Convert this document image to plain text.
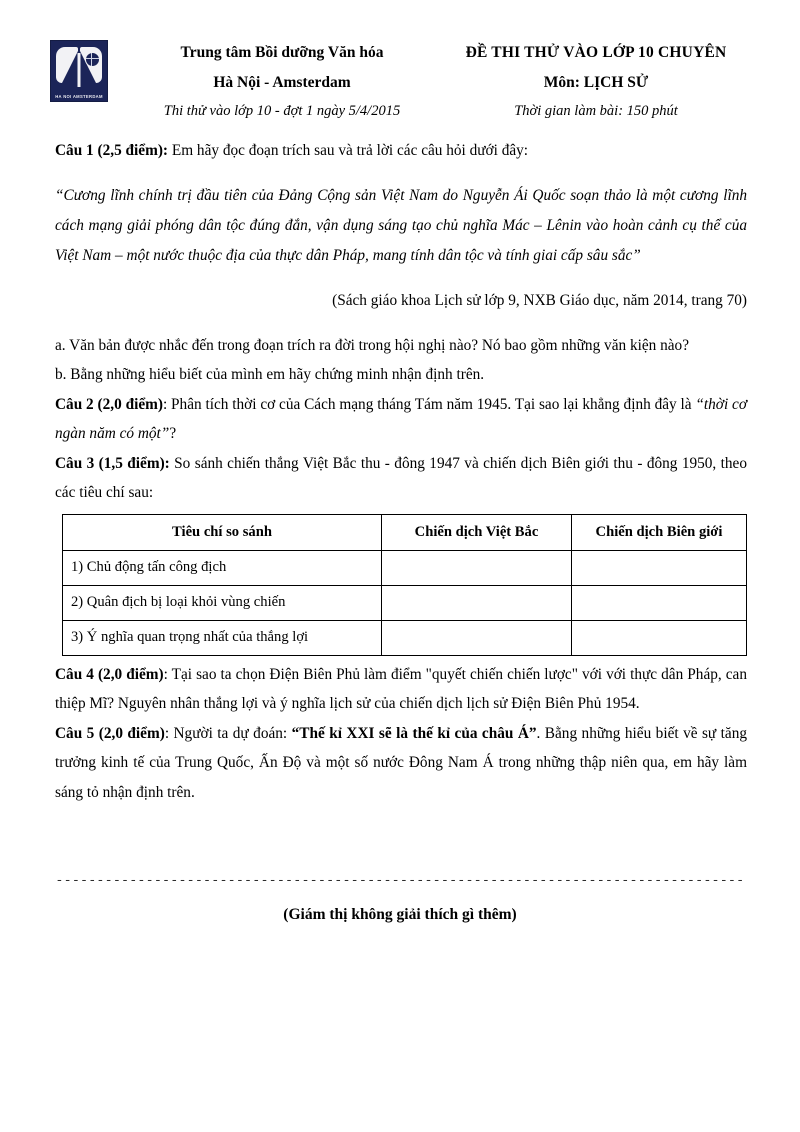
HA NOI AMSTERDAM
Trung tâm Bồi dưỡng Văn hóa
Hà Nội - Amsterdam
Thi thử vào lớp 10 - đợt 1 ngày 5/4/2015
ĐỀ THI THỬ VÀO LỚP 10 CHUYÊN
Môn: LỊCH SỬ
Thời gian làm bài: 150 phút

Câu 1 (2,5 điểm): Em hãy đọc đoạn trích sau và trả lời các câu hỏi dưới đây:

“Cương lĩnh chính trị đầu tiên của Đảng Cộng sản Việt Nam do Nguyễn Ái Quốc soạn thảo là một cương lĩnh cách mạng giải phóng dân tộc đúng đắn, vận dụng sáng tạo chủ nghĩa Mác – Lênin vào hoàn cảnh cụ thể của Việt Nam – một nước thuộc địa của thực dân Pháp, mang tính dân tộc và tính giai cấp sâu sắc”

(Sách giáo khoa Lịch sử lớp 9, NXB Giáo dục, năm 2014, trang 70)

a. Văn bản được nhắc đến trong đoạn trích ra đời trong hội nghị nào? Nó bao gồm những văn kiện nào?

b. Bằng những hiểu biết của mình em hãy chứng minh nhận định trên.

Câu 2 (2,0 điểm): Phân tích thời cơ của Cách mạng tháng Tám năm 1945. Tại sao lại khẳng định đây là “thời cơ ngàn năm có một”?

Câu 3 (1,5 điểm): So sánh chiến thắng Việt Bắc thu - đông 1947 và chiến dịch Biên giới thu - đông 1950, theo các tiêu chí sau:

Tiêu chí so sánh	Chiến dịch Việt Bắc	Chiến dịch Biên giới
1) Chủ động tấn công địch		
2) Quân địch bị loại khỏi vùng chiến		
3) Ý nghĩa quan trọng nhất của thắng lợi		

Câu 4 (2,0 điểm): Tại sao ta chọn Điện Biên Phủ làm điểm "quyết chiến chiến lược" với với thực dân Pháp, can thiệp Mĩ? Nguyên nhân thắng lợi và ý nghĩa lịch sử của chiến dịch lịch sử Điện Biên Phủ 1954.

Câu 5 (2,0 điểm): Người ta dự đoán: “Thế kỉ XXI sẽ là thế kỉ của châu Á”. Bằng những hiểu biết về sự tăng trưởng kinh tế của Trung Quốc, Ấn Độ và một số nước Đông Nam Á trong những thập niên qua, em hãy làm sáng tỏ nhận định trên.

------------------------------------------------------------------------------------
(Giám thị không giải thích gì thêm)
